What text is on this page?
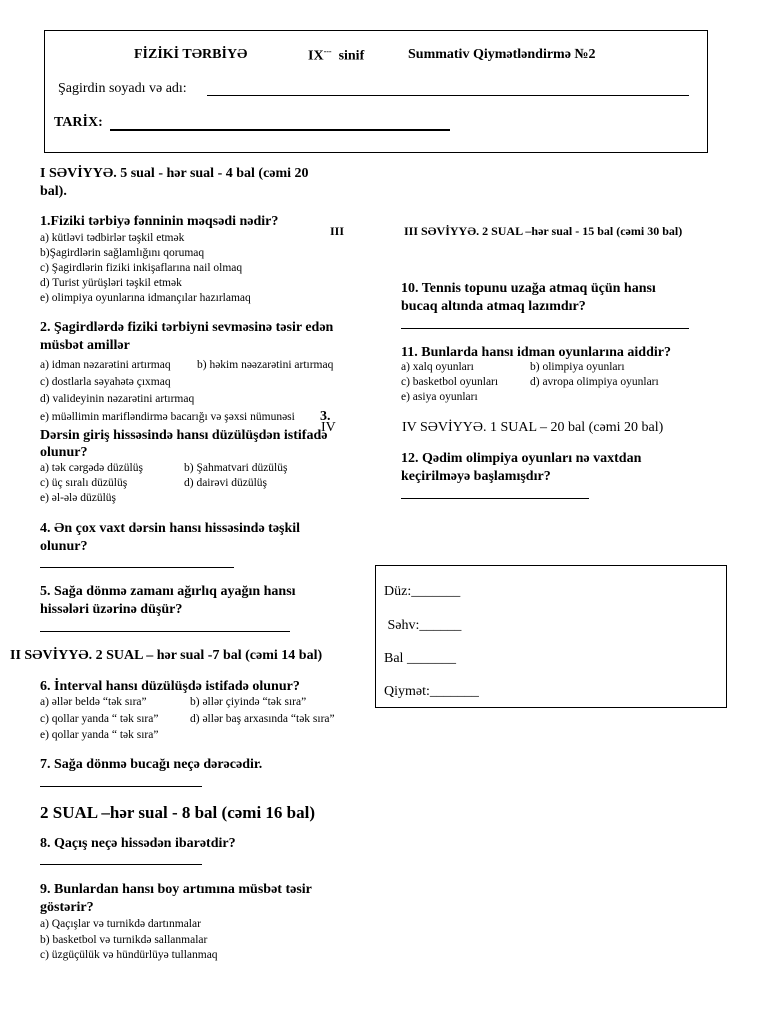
FİZİKİ TƏRBİYƏ	IX--- sinif	Summativ Qiymətləndirmə №2
Şagirdin soyadı və adı:
TARİX:
I SƏVİYYƏ. 5 sual - hər sual - 4 bal (cəmi 20
bal).
1.Fiziki tərbiyə fənninin məqsədi nədir?
a) kütləvi tədbirlər təşkil etmək
b)Şagirdlərin sağlamlığını qorumaq
c) Şagirdlərin fiziki inkişaflarına nail olmaq
d) Turist yürüşləri təşkil etmək
e) olimpiya oyunlarına idmançılar hazırlamaq
III
2. Şagirdlərdə fiziki tərbiyni sevməsinə təsir edən
müsbət amillər
a) idman nəzarətini artırmaq b) həkim nəəzarətini artırmaq
c) dostlarla səyahətə çıxmaq
d) valideyinin nəzarətini artırmaq
e) müəllimin marifləndirmə bacarığı və şəxsi nümunəsi 3.
IV
Dərsin giriş hissəsində hansı düzülüşdən istifadə
olunur?
a) tək cərgədə düzülüş	b) Şahmatvari düzülüş
c) üç sıralı düzülüş	d) dairəvi düzülüş
e) əl-ələ düzülüş
4. Ən çox vaxt dərsin hansı hissəsində təşkil
olunur?
5. Sağa dönmə zamanı ağırlıq ayağın hansı
hissələri üzərinə düşür?
II SƏVİYYƏ. 2 SUAL – hər sual -7 bal (cəmi 14 bal)
6. İnterval hansı düzülüşdə istifadə olunur?
a) əllər beldə “tək sıra”	b) əllər çiyində “tək sıra”
c) qollar yanda “ tək sıra”	d) əllər baş arxasında “tək sıra”
e) qollar yanda “ tək sıra”
7. Sağa dönmə bucağı neçə dərəcədir.
2 SUAL –hər sual - 8 bal (cəmi 16 bal)
8. Qaçış neçə hissədən ibarətdir?
9. Bunlardan hansı boy artımına müsbət təsir
göstərir?
a) Qaçışlar və turnikdə dartınmalar
b) basketbol və turnikdə sallanmalar
c) üzgüçülük və hündürlüyə tullanmaq
III SƏVİYYƏ. 2 SUAL –hər sual - 15 bal (cəmi 30 bal)
10. Tennis topunu uzağa atmaq üçün hansı
bucaq altında atmaq lazımdır?
11. Bunlarda hansı idman oyunlarına aiddir?
a) xalq oyunları	b) olimpiya oyunları
c) basketbol oyunları	d) avropa olimpiya oyunları
e) asiya oyunları
IV SƏVİYYƏ. 1 SUAL – 20 bal (cəmi 20 bal)
12. Qədim olimpiya oyunları nə vaxtdan
keçirilməyə başlamışdır?
Düz:_______
Səhv:______
Bal _______
Qiymət:_______
